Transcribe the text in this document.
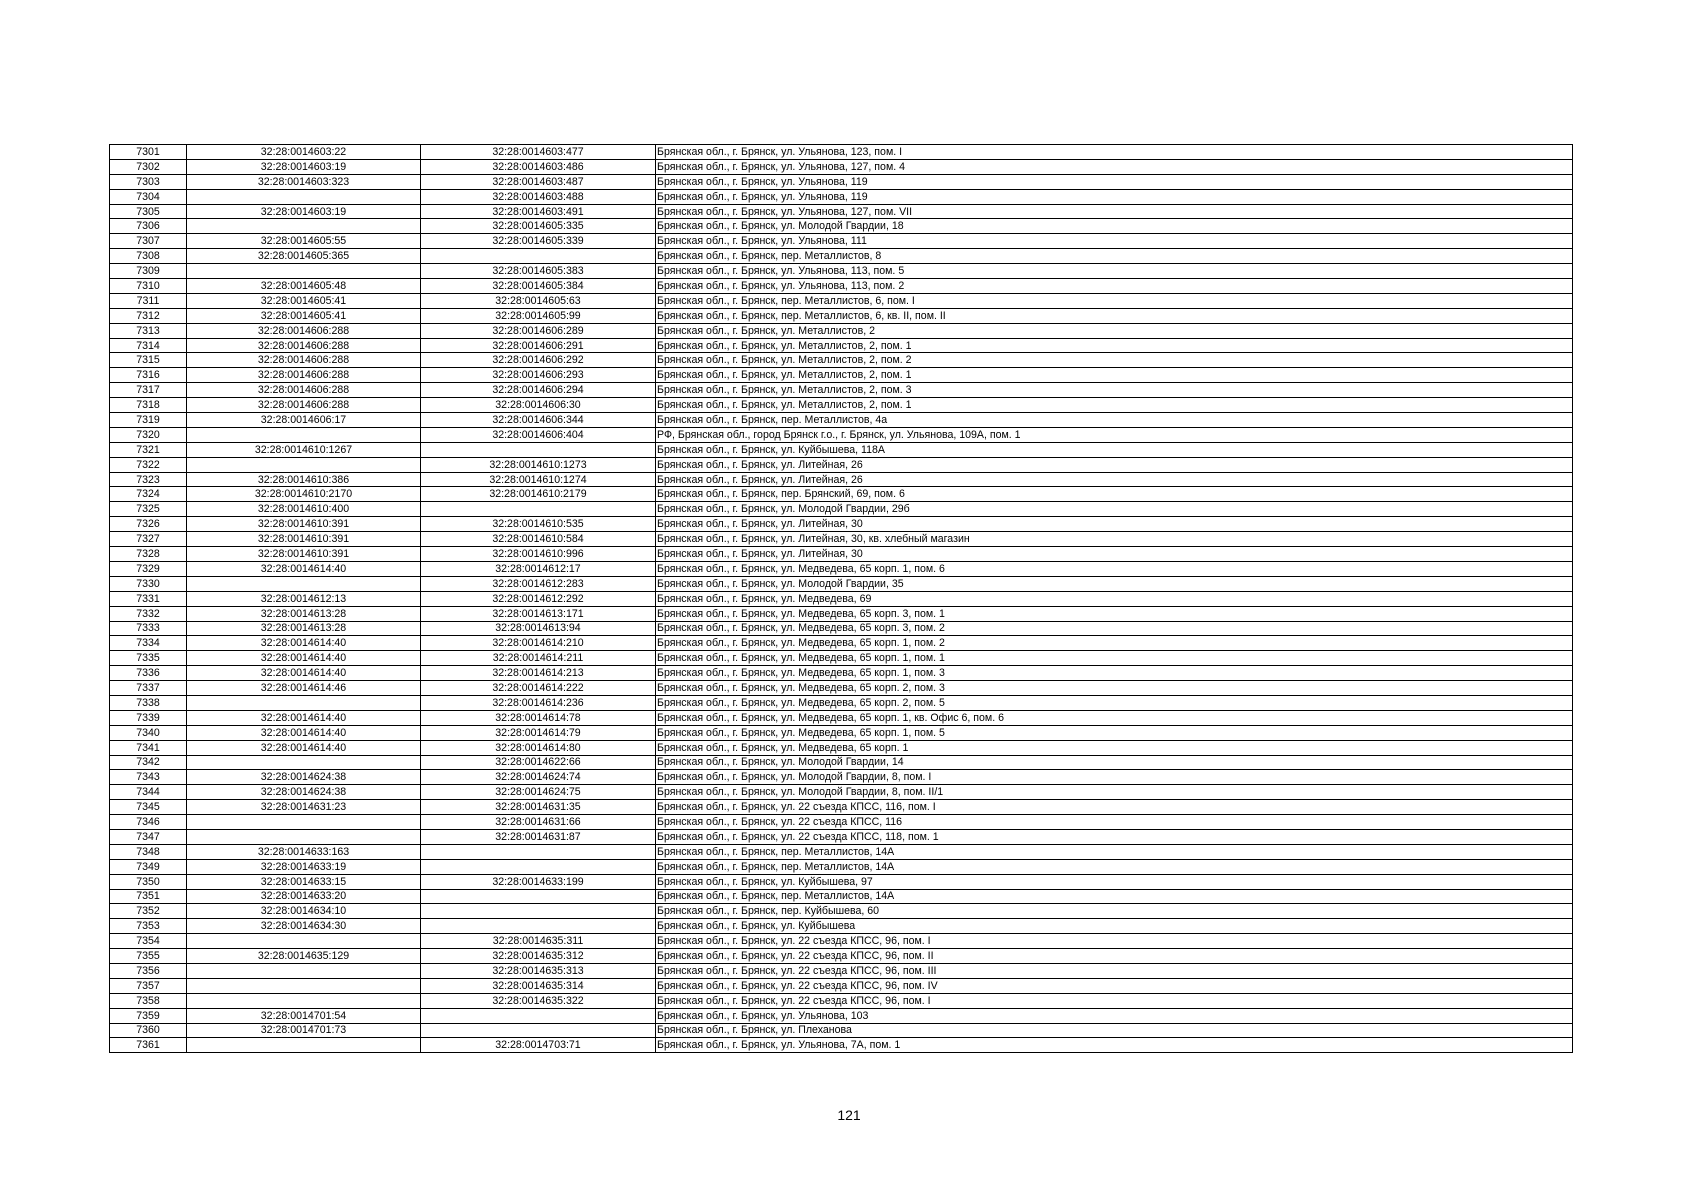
7301	32:28:0014603:22	32:28:0014603:477	Брянская обл., г. Брянск, ул. Ульянова, 123, пом. I
7302	32:28:0014603:19	32:28:0014603:486	Брянская обл., г. Брянск, ул. Ульянова, 127, пом. 4
7303	32:28:0014603:323	32:28:0014603:487	Брянская обл., г. Брянск, ул. Ульянова, 119
7304		32:28:0014603:488	Брянская обл., г. Брянск, ул. Ульянова, 119
7305	32:28:0014603:19	32:28:0014603:491	Брянская обл., г. Брянск, ул. Ульянова, 127, пом. VII
7306		32:28:0014605:335	Брянская обл., г. Брянск, ул. Молодой Гвардии, 18
7307	32:28:0014605:55	32:28:0014605:339	Брянская обл., г. Брянск, ул. Ульянова, 111
7308	32:28:0014605:365		Брянская обл., г. Брянск, пер. Металлистов, 8
7309		32:28:0014605:383	Брянская обл., г. Брянск, ул. Ульянова, 113, пом. 5
7310	32:28:0014605:48	32:28:0014605:384	Брянская обл., г. Брянск, ул. Ульянова, 113, пом. 2
7311	32:28:0014605:41	32:28:0014605:63	Брянская обл., г. Брянск, пер. Металлистов, 6, пом. I
7312	32:28:0014605:41	32:28:0014605:99	Брянская обл., г. Брянск, пер. Металлистов, 6, кв. II, пом. II
7313	32:28:0014606:288	32:28:0014606:289	Брянская обл., г. Брянск, ул. Металлистов, 2
7314	32:28:0014606:288	32:28:0014606:291	Брянская обл., г. Брянск, ул. Металлистов, 2, пом. 1
7315	32:28:0014606:288	32:28:0014606:292	Брянская обл., г. Брянск, ул. Металлистов, 2, пом. 2
7316	32:28:0014606:288	32:28:0014606:293	Брянская обл., г. Брянск, ул. Металлистов, 2, пом. 1
7317	32:28:0014606:288	32:28:0014606:294	Брянская обл., г. Брянск, ул. Металлистов, 2, пом. 3
7318	32:28:0014606:288	32:28:0014606:30	Брянская обл., г. Брянск, ул. Металлистов, 2, пом. 1
7319	32:28:0014606:17	32:28:0014606:344	Брянская обл., г. Брянск, пер. Металлистов, 4а
7320		32:28:0014606:404	РФ, Брянская обл., город Брянск г.о., г. Брянск, ул. Ульянова, 109А, пом. 1
7321	32:28:0014610:1267		Брянская обл., г. Брянск, ул. Куйбышева, 118А
7322		32:28:0014610:1273	Брянская обл., г. Брянск, ул. Литейная, 26
7323	32:28:0014610:386	32:28:0014610:1274	Брянская обл., г. Брянск, ул. Литейная, 26
7324	32:28:0014610:2170	32:28:0014610:2179	Брянская обл., г. Брянск, пер. Брянский, 69, пом. 6
7325	32:28:0014610:400		Брянская обл., г. Брянск, ул. Молодой Гвардии, 29б
7326	32:28:0014610:391	32:28:0014610:535	Брянская обл., г. Брянск, ул. Литейная, 30
7327	32:28:0014610:391	32:28:0014610:584	Брянская обл., г. Брянск, ул. Литейная, 30, кв. хлебный магазин
7328	32:28:0014610:391	32:28:0014610:996	Брянская обл., г. Брянск, ул. Литейная, 30
7329	32:28:0014614:40	32:28:0014612:17	Брянская обл., г. Брянск, ул. Медведева, 65 корп. 1, пом. 6
7330		32:28:0014612:283	Брянская обл., г. Брянск, ул. Молодой Гвардии, 35
7331	32:28:0014612:13	32:28:0014612:292	Брянская обл., г. Брянск, ул. Медведева, 69
7332	32:28:0014613:28	32:28:0014613:171	Брянская обл., г. Брянск, ул. Медведева, 65 корп. 3, пом. 1
7333	32:28:0014613:28	32:28:0014613:94	Брянская обл., г. Брянск, ул. Медведева, 65 корп. 3, пом. 2
7334	32:28:0014614:40	32:28:0014614:210	Брянская обл., г. Брянск, ул. Медведева, 65 корп. 1, пом. 2
7335	32:28:0014614:40	32:28:0014614:211	Брянская обл., г. Брянск, ул. Медведева, 65 корп. 1, пом. 1
7336	32:28:0014614:40	32:28:0014614:213	Брянская обл., г. Брянск, ул. Медведева, 65 корп. 1, пом. 3
7337	32:28:0014614:46	32:28:0014614:222	Брянская обл., г. Брянск, ул. Медведева, 65 корп. 2, пом. 3
7338		32:28:0014614:236	Брянская обл., г. Брянск, ул. Медведева, 65 корп. 2, пом. 5
7339	32:28:0014614:40	32:28:0014614:78	Брянская обл., г. Брянск, ул. Медведева, 65 корп. 1, кв. Офис 6, пом. 6
7340	32:28:0014614:40	32:28:0014614:79	Брянская обл., г. Брянск, ул. Медведева, 65 корп. 1, пом. 5
7341	32:28:0014614:40	32:28:0014614:80	Брянская обл., г. Брянск, ул. Медведева, 65 корп. 1
7342		32:28:0014622:66	Брянская обл., г. Брянск, ул. Молодой Гвардии, 14
7343	32:28:0014624:38	32:28:0014624:74	Брянская обл., г. Брянск, ул. Молодой Гвардии, 8, пом. I
7344	32:28:0014624:38	32:28:0014624:75	Брянская обл., г. Брянск, ул. Молодой Гвардии, 8, пом. II/1
7345	32:28:0014631:23	32:28:0014631:35	Брянская обл., г. Брянск, ул. 22 съезда КПСС, 116, пом. I
7346		32:28:0014631:66	Брянская обл., г. Брянск, ул. 22 съезда КПСС, 116
7347		32:28:0014631:87	Брянская обл., г. Брянск, ул. 22 съезда КПСС, 118, пом. 1
7348	32:28:0014633:163		Брянская обл., г. Брянск, пер. Металлистов, 14А
7349	32:28:0014633:19		Брянская обл., г. Брянск, пер. Металлистов, 14А
7350	32:28:0014633:15	32:28:0014633:199	Брянская обл., г. Брянск, ул. Куйбышева, 97
7351	32:28:0014633:20		Брянская обл., г. Брянск, пер. Металлистов, 14А
7352	32:28:0014634:10		Брянская обл., г. Брянск, пер. Куйбышева, 60
7353	32:28:0014634:30		Брянская обл., г. Брянск, ул. Куйбышева
7354		32:28:0014635:311	Брянская обл., г. Брянск, ул. 22 съезда КПСС, 96, пом. I
7355	32:28:0014635:129	32:28:0014635:312	Брянская обл., г. Брянск, ул. 22 съезда КПСС, 96, пом. II
7356		32:28:0014635:313	Брянская обл., г. Брянск, ул. 22 съезда КПСС, 96, пом. III
7357		32:28:0014635:314	Брянская обл., г. Брянск, ул. 22 съезда КПСС, 96, пом. IV
7358		32:28:0014635:322	Брянская обл., г. Брянск, ул. 22 съезда КПСС, 96, пом. I
7359	32:28:0014701:54		Брянская обл., г. Брянск, ул. Ульянова, 103
7360	32:28:0014701:73		Брянская обл., г. Брянск, ул. Плеханова
7361		32:28:0014703:71	Брянская обл., г. Брянск, ул. Ульянова, 7А, пом. 1
121
